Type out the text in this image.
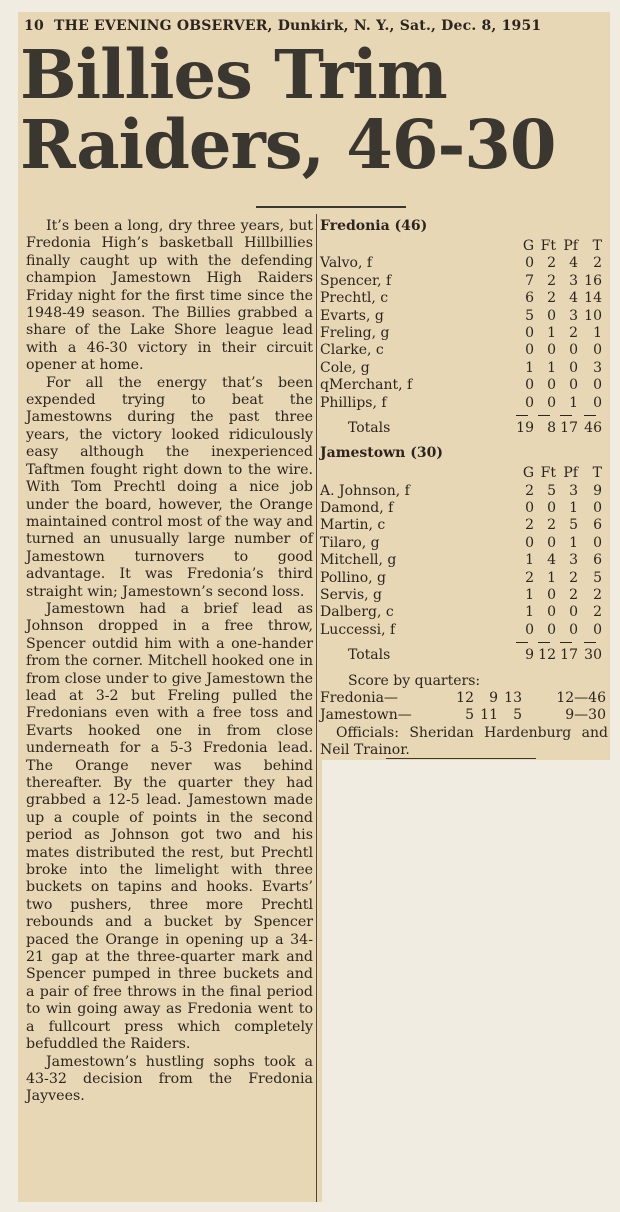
10 THE EVENING OBSERVER, Dunkirk, N. Y., Sat., Dec. 8, 1951
Billies Trim
Raiders, 46-30

It’s been a long, dry three years, but Fredonia High’s basketball Hillbillies finally caught up with the defending champion Jamestown High Raiders Friday night for the first time since the 1948-49 season. The Billies grabbed a share of the Lake Shore league lead with a 46-30 victory in their circuit opener at home.

For all the energy that’s been expended trying to beat the Jamestowns during the past three years, the victory looked ridiculously easy although the inexperienced Taftmen fought right down to the wire. With Tom Prechtl doing a nice job under the board, however, the Orange maintained control most of the way and turned an unusually large number of Jamestown turnovers to good advantage. It was Fredonia’s third straight win; Jamestown’s second loss.

Jamestown had a brief lead as Johnson dropped in a free throw, Spencer outdid him with a one-hander from the corner. Mitchell hooked one in from close under to give Jamestown the lead at 3-2 but Freling pulled the Fredonians even with a free toss and Evarts hooked one in from close underneath for a 5-3 Fredonia lead. The Orange never was behind thereafter. By the quarter they had grabbed a 12-5 lead. Jamestown made up a couple of points in the second period as Johnson got two and his mates distributed the rest, but Prechtl broke into the limelight with three buckets on tapins and hooks. Evarts’ two pushers, three more Prechtl rebounds and a bucket by Spencer paced the Orange in opening up a 34-21 gap at the three-quarter mark and Spencer pumped in three buckets and a pair of free throws in the final period to win going away as Fredonia went to a fullcourt press which completely befuddled the Raiders.

Jamestown’s hustling sophs took a 43-32 decision from the Fredonia Jayvees.

Fredonia (46)
G Ft Pf	T
Valvo, f	0 2 4	2
Spencer, f	7 2 3 16
Prechtl, c	6 2 4 14
Evarts, g	5 0 3 10
Freling, g	0 1 2	1
Clarke, c	0 0 0	0
Cole, g	1 1 0	3
qMerchant, f	0 0 0	0
Phillips, f	0 0 1	0
Totals	19 8 17 46
Jamestown (30)
G Ft Pf	T
A. Johnson, f	2 5 3	9
Damond, f	0 0 1	0
Martin, c	2 2 5	6
Tilaro, g	0 0 1	0
Mitchell, g	1 4 3	6
Pollino, g	2 1 2	5
Servis, g	1 0 2	2
Dalberg, c	1 0 0	2
Luccessi, f	0 0 0	0
Totals	9 12 17 30
Score by quarters:
Fredonia—	12	9 13	12—46
Jamestown—	5 11	5	9—30
Officials: Sheridan Hardenburg and Neil Trainor.
